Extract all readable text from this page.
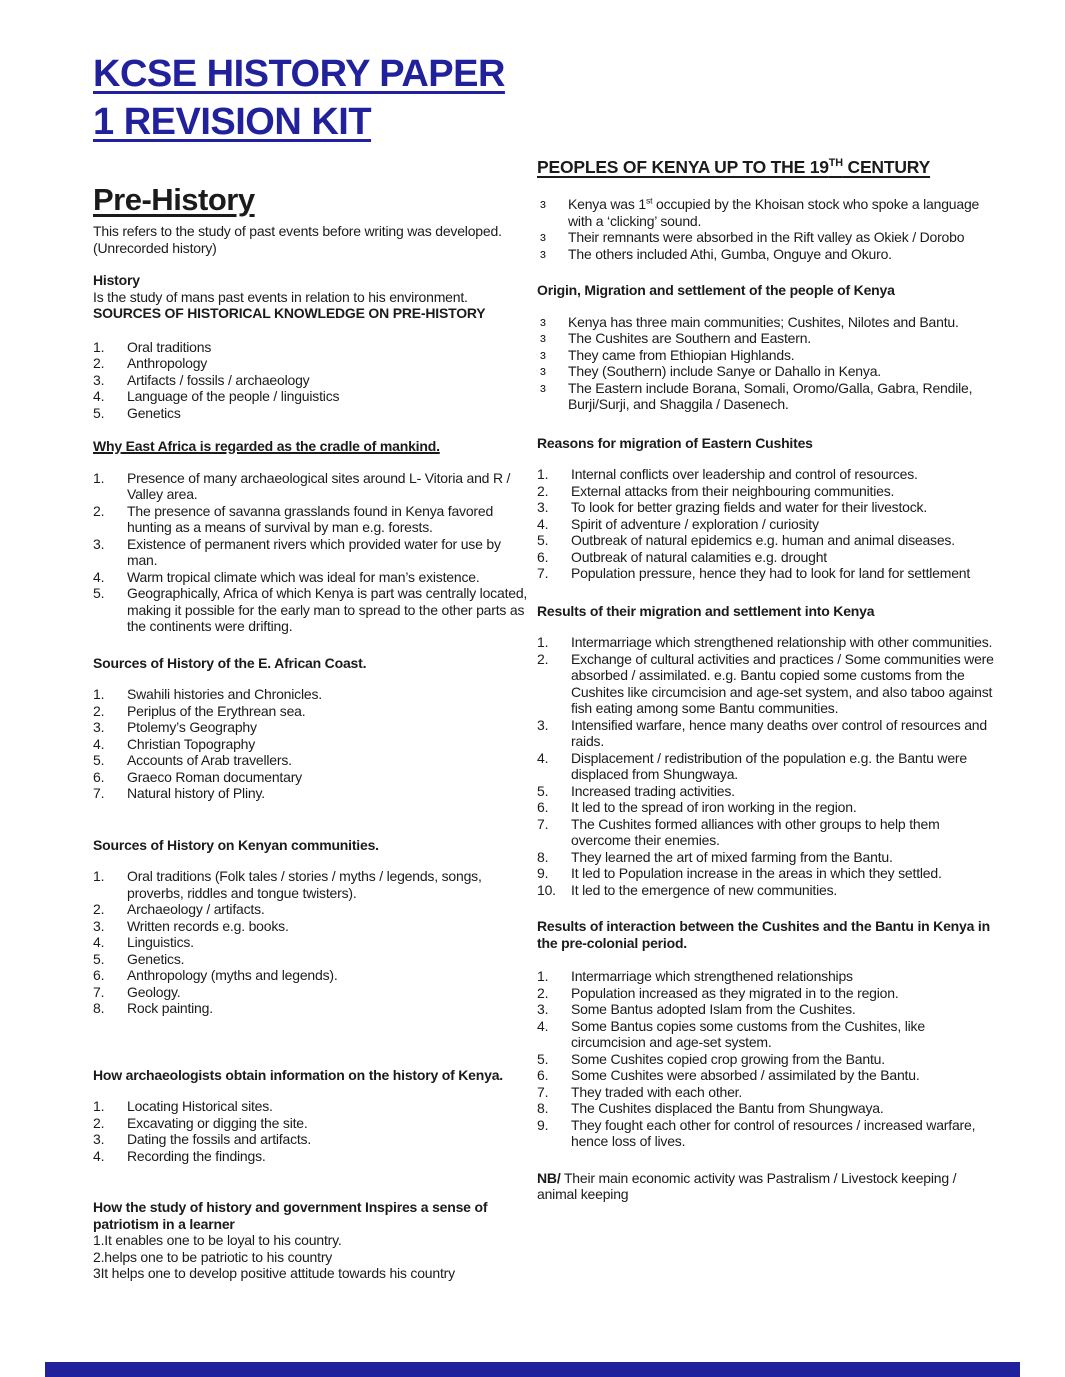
KCSE HISTORY PAPER
1 REVISION KIT
Pre-History
This refers to the study of past events before writing was developed.(Unrecorded history)
History
Is the study of mans past events in relation to his environment.
SOURCES OF HISTORICAL KNOWLEDGE ON PRE-HISTORY
1.	Oral traditions
2.	Anthropology
3.	Artifacts / fossils / archaeology
4.	Language of the people / linguistics
5.	Genetics
Why East Africa is regarded as the cradle of mankind.
1.	Presence of many archaeological sites around L- Vitoria and R / Valley area.
2.	The presence of savanna grasslands found in Kenya favored hunting as a means of survival by man e.g. forests.
3.	Existence of permanent rivers which provided water for use by man.
4.	Warm tropical climate which was ideal for man’s existence.
5.	Geographically, Africa of which Kenya is part was centrally located, making it possible for the early man to spread to the other parts as the continents were drifting.
Sources of History of the E. African Coast.
1.	Swahili histories and Chronicles.
2.	Periplus of the Erythrean sea.
3.	Ptolemy’s Geography
4.	Christian Topography
5.	Accounts of Arab travellers.
6.	Graeco Roman documentary
7.	Natural history of Pliny.
Sources of History on Kenyan communities.
1.	Oral traditions (Folk tales / stories / myths / legends, songs, proverbs, riddles and tongue twisters).
2.	Archaeology / artifacts.
3.	Written records e.g. books.
4.	Linguistics.
5.	Genetics.
6.	Anthropology (myths and legends).
7.	Geology.
8.	Rock painting.
How archaeologists obtain information on the history of Kenya.
1.	Locating Historical sites.
2.	Excavating or digging the site.
3.	Dating the fossils and artifacts.
4.	Recording the findings.
How the study of history and government Inspires a sense of patriotism in a learner
1.It enables one to be loyal to his country.
2.helps one to be patriotic to his country
3It helps one to develop positive attitude towards his country
PEOPLES OF KENYA UP TO THE 19TH CENTURY
ɜ	Kenya was 1st occupied by the Khoisan stock who spoke a language with a ‘clicking’ sound.
ɜ	Their remnants were absorbed in the Rift valley as Okiek / Dorobo
ɜ	The others included Athi, Gumba, Onguye and Okuro.
Origin, Migration and settlement of the people of Kenya
ɜ	Kenya has three main communities; Cushites, Nilotes and Bantu.
ɜ	The Cushites are Southern and Eastern.
ɜ	They came from Ethiopian Highlands.
ɜ	They (Southern) include Sanye or Dahallo in Kenya.
ɜ	The Eastern include Borana, Somali, Oromo/Galla, Gabra, Rendile, Burji/Surji, and Shaggila / Dasenech.
Reasons for migration of Eastern Cushites
1.	Internal conflicts over leadership and control of resources.
2.	External attacks from their neighbouring communities.
3.	To look for better grazing fields and water for their livestock.
4.	Spirit of adventure / exploration / curiosity
5.	Outbreak of natural epidemics e.g. human and animal diseases.
6.	Outbreak of natural calamities e.g. drought
7.	Population pressure, hence they had to look for land for settlement
Results of their migration and settlement into Kenya
1.	Intermarriage which strengthened relationship with other communities.
2.	Exchange of cultural activities and practices / Some communities were absorbed / assimilated. e.g. Bantu copied some customs from the Cushites like circumcision and age-set system, and also taboo against fish eating among some Bantu communities.
3.	Intensified warfare, hence many deaths over control of resources and raids.
4.	Displacement / redistribution of the population e.g. the Bantu were displaced from Shungwaya.
5.	Increased trading activities.
6.	It led to the spread of iron working in the region.
7.	The Cushites formed alliances with other groups to help them overcome their enemies.
8.	They learned the art of mixed farming from the Bantu.
9.	It led to Population increase in the areas in which they settled.
10.	It led to the emergence of new communities.
Results of interaction between the Cushites and the Bantu in Kenya in the pre-colonial period.
1.	Intermarriage which strengthened relationships
2.	Population increased as they migrated in to the region.
3.	Some Bantus adopted Islam from the Cushites.
4.	Some Bantus copies some customs from the Cushites, like circumcision and age-set system.
5.	Some Cushites copied crop growing from the Bantu.
6.	Some Cushites were absorbed / assimilated by the Bantu.
7.	They traded with each other.
8.	The Cushites displaced the Bantu from Shungwaya.
9.	They fought each other for control of resources / increased warfare, hence loss of lives.
NB/ Their main economic activity was Pastralism / Livestock keeping / animal keeping
